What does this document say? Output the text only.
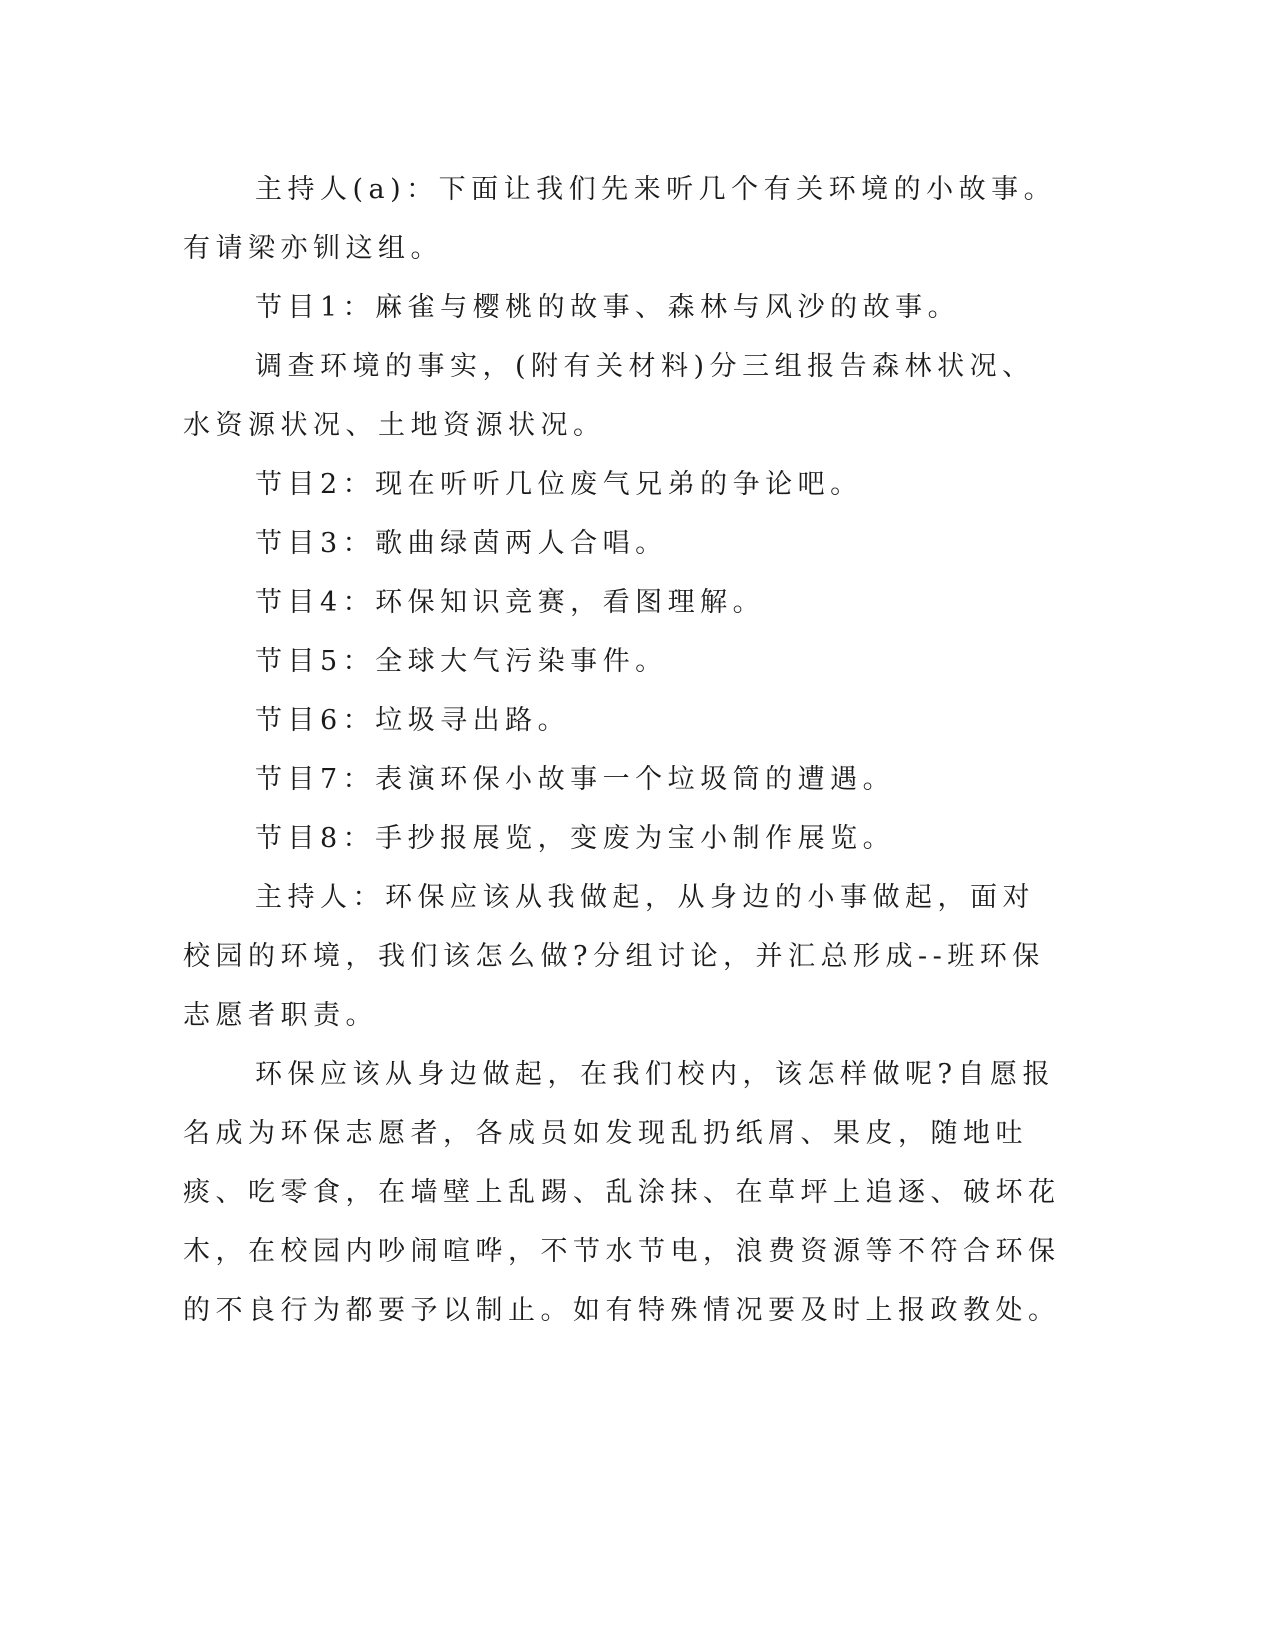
主持人(a)：下面让我们先来听几个有关环境的小故事。有请梁亦钏这组。

节目1：麻雀与樱桃的故事、森林与风沙的故事。

调查环境的事实，(附有关材料)分三组报告森林状况、水资源状况、土地资源状况。

节目2：现在听听几位废气兄弟的争论吧。

节目3：歌曲绿茵两人合唱。

节目4：环保知识竞赛，看图理解。

节目5：全球大气污染事件。

节目6：垃圾寻出路。

节目7：表演环保小故事一个垃圾筒的遭遇。

节目8：手抄报展览，变废为宝小制作展览。

主持人：环保应该从我做起，从身边的小事做起，面对校园的环境，我们该怎么做?分组讨论，并汇总形成--班环保志愿者职责。

环保应该从身边做起，在我们校内，该怎样做呢?自愿报名成为环保志愿者，各成员如发现乱扔纸屑、果皮，随地吐痰、吃零食，在墙壁上乱踢、乱涂抹、在草坪上追逐、破坏花木，在校园内吵闹喧哗，不节水节电，浪费资源等不符合环保的不良行为都要予以制止。如有特殊情况要及时上报政教处。
